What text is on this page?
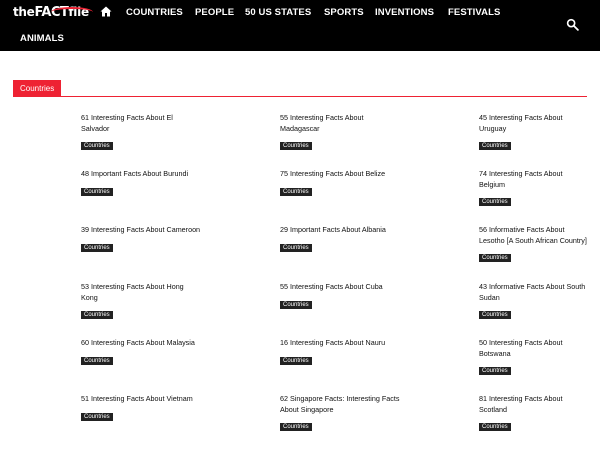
theFACTfile	COUNTRIES PEOPLE 50 US STATES SPORTS INVENTIONS FESTIVALS
ANIMALS
Countries
61 Interesting Facts About El Salvador
Countries
55 Interesting Facts About Madagascar
Countries
45 Interesting Facts About Uruguay
Countries
48 Important Facts About Burundi
Countries
75 Interesting Facts About Belize
Countries
74 Interesting Facts About Belgium
Countries
39 Interesting Facts About Cameroon
Countries
29 Important Facts About Albania
Countries
56 Informative Facts About Lesotho [A South African Country]
Countries
53 Interesting Facts About Hong Kong
Countries
55 Interesting Facts About Cuba
Countries
43 Informative Facts About South Sudan
Countries
60 Interesting Facts About Malaysia
Countries
16 Interesting Facts About Nauru
Countries
50 Interesting Facts About Botswana
Countries
51 Interesting Facts About Vietnam
Countries
62 Singapore Facts: Interesting Facts About Singapore
Countries
81 Interesting Facts About Scotland
Countries
